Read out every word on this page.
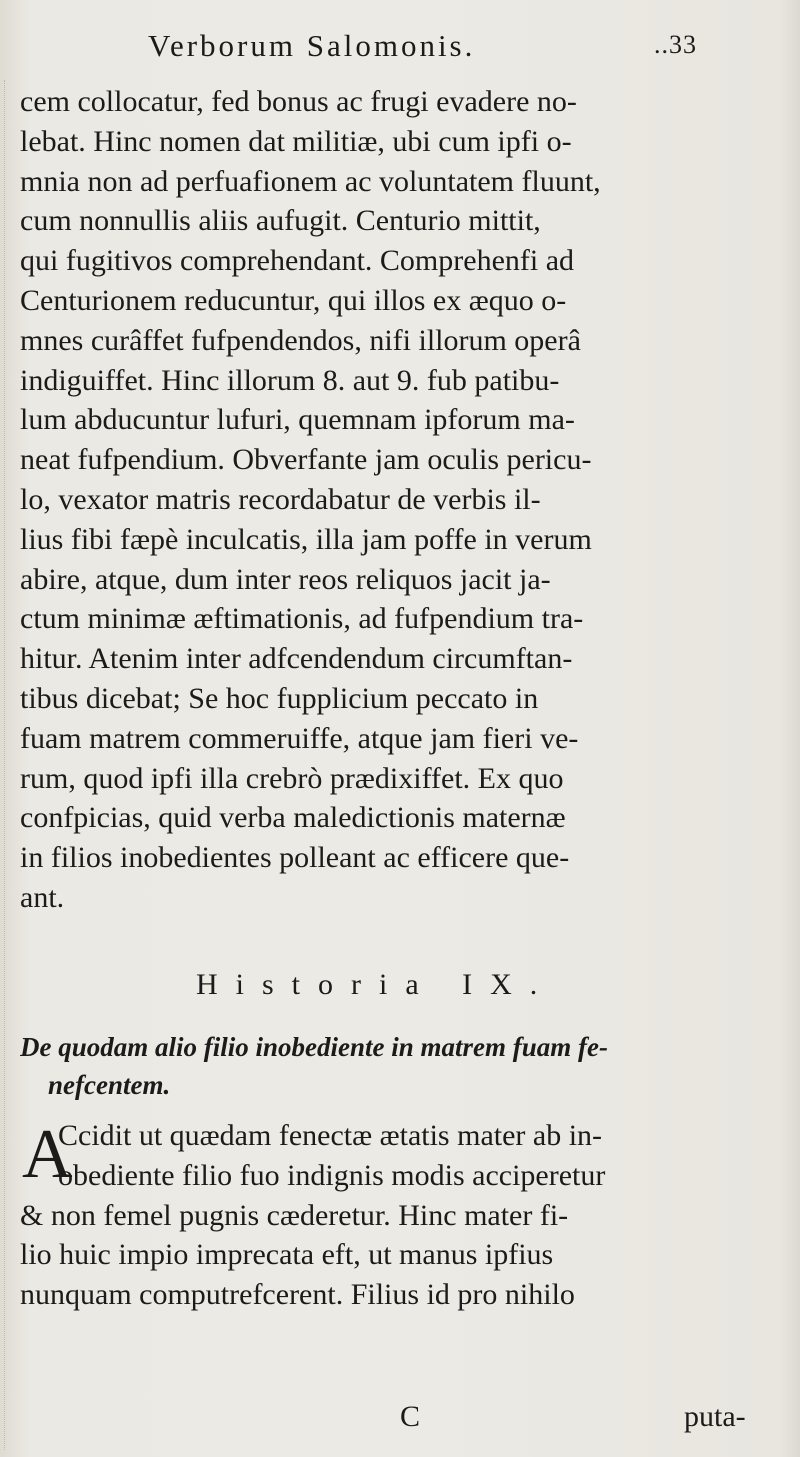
Verborum Salomonis.	..33
cem collocatur, fed bonus ac frugi evadere no-
lebat. Hinc nomen dat militiæ, ubi cum ipfi o-
mnia non ad perfuafionem ac voluntatem fluunt,
cum nonnullis aliis aufugit. Centurio mittit,
qui fugitivos comprehendant. Comprehenfi ad
Centurionem reducuntur, qui illos ex æquo o-
mnes curâffet fufpendendos, nifi illorum operâ
indiguiffet. Hinc illorum 8. aut 9. fub patibu-
lum abducuntur lufuri, quemnam ipforum ma-
neat fufpendium. Obverfante jam oculis pericu-
lo, vexator matris recordabatur de verbis il-
lius fibi fæpè inculcatis, illa jam poffe in verum
abire, atque, dum inter reos reliquos jacit ja-
ctum minimæ æftimationis, ad fufpendium tra-
hitur. Atenim inter adfcendendum circumftan-
tibus dicebat; Se hoc fupplicium peccato in
fuam matrem commeruiffe, atque jam fieri ve-
rum, quod ipfi illa crebrò prædixiffet. Ex quo
confpicias, quid verba maledictionis maternæ
in filios inobedientes polleant ac efficere que-
ant.
Historia IX.
De quodam alio filio inobediente in matrem fuam fe-
nefcentem.
A
Ccidit ut quædam fenectæ ætatis mater ab in-
obediente filio fuo indignis modis acciperetur
& non femel pugnis cæderetur. Hinc mater fi-
lio huic impio imprecata eft, ut manus ipfius
nunquam computrefcerent. Filius id pro nihilo
C	puta-
